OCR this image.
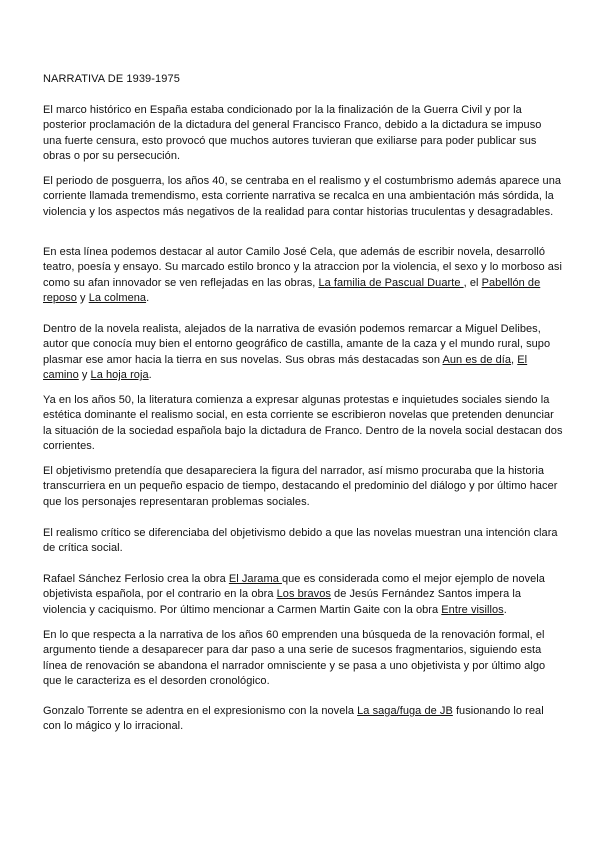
NARRATIVA DE 1939-1975

El marco histórico en España estaba condicionado por la la finalización de la Guerra Civil y por la posterior proclamación de la dictadura del general Francisco Franco, debido a la dictadura se impuso una fuerte censura, esto provocó que muchos autores tuvieran que exiliarse para poder publicar sus obras o por su persecución.

El periodo de posguerra, los años 40, se centraba en el realismo y el costumbrismo además aparece una corriente llamada tremendismo, esta corriente narrativa se recalca en una ambientación más sórdida, la violencia y los aspectos más negativos de la realidad para contar historias truculentas y desagradables.

En esta línea podemos destacar al autor Camilo José Cela, que además de escribir novela, desarrolló teatro, poesía y ensayo. Su marcado estilo bronco y la atraccion por la violencia, el sexo y lo morboso asi como su afan innovador se ven reflejadas en las obras, La familia de Pascual Duarte , el Pabellón de reposo y La colmena.

Dentro de la novela realista, alejados de la narrativa de evasión podemos remarcar a Miguel Delibes, autor que conocía muy bien el entorno geográfico de castilla, amante de la caza y el mundo rural, supo plasmar ese amor hacia la tierra en sus novelas. Sus obras más destacadas son Aun es de día, El camino y La hoja roja.

Ya en los años 50, la literatura comienza a expresar algunas protestas e inquietudes sociales siendo la estética dominante el realismo social, en esta corriente se escribieron novelas que pretenden denunciar la situación de la sociedad española bajo la dictadura de Franco. Dentro de la novela social destacan dos corrientes.

El objetivismo pretendía que desapareciera la figura del narrador, así mismo procuraba que la historia transcurriera en un pequeño espacio de tiempo, destacando el predominio del diálogo y por último hacer que los personajes representaran problemas sociales.

El realismo crítico se diferenciaba del objetivismo debido a que las novelas muestran una intención clara de crítica social.

Rafael Sánchez Ferlosio crea la obra El Jarama que es considerada como el mejor ejemplo de novela objetivista española, por el contrario en la obra Los bravos de Jesús Fernández Santos impera la violencia y caciquismo. Por último mencionar a Carmen Martin Gaite con la obra Entre visillos.

En lo que respecta a la narrativa de los años 60 emprenden una búsqueda de la renovación formal, el argumento tiende a desaparecer para dar paso a una serie de sucesos fragmentarios, siguiendo esta línea de renovación se abandona el narrador omnisciente y se pasa a uno objetivista y por último algo que le caracteriza es el desorden cronológico.

Gonzalo Torrente se adentra en el expresionismo con la novela La saga/fuga de JB fusionando lo real con lo mágico y lo irracional.
